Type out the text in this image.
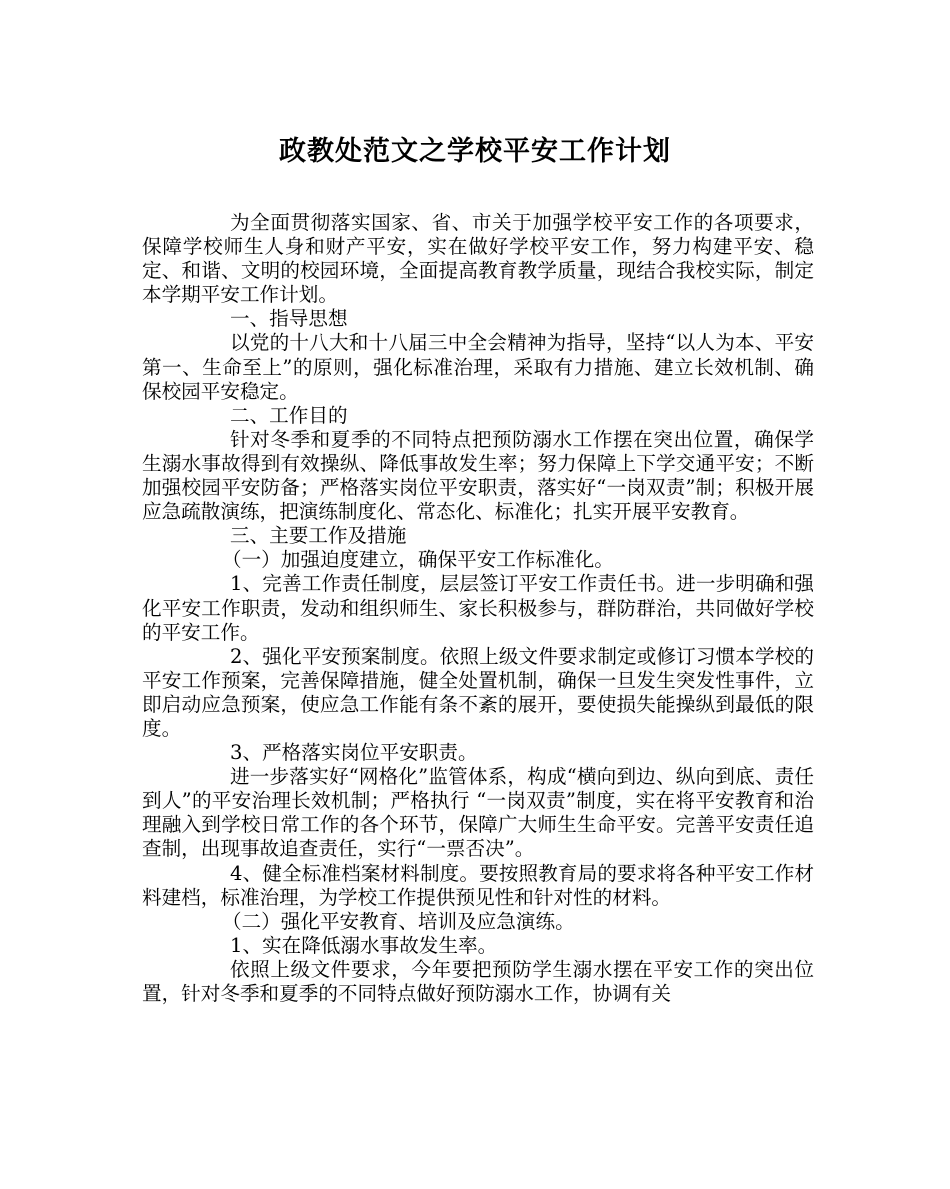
政教处范文之学校平安工作计划

为全面贯彻落实国家、省、市关于加强学校平安工作的各项要求，保障学校师生人身和财产平安，实在做好学校平安工作，努力构建平安、稳定、和谐、文明的校园环境，全面提高教育教学质量，现结合我校实际，制定本学期平安工作计划。

一、指导思想

以党的十八大和十八届三中全会精神为指导，坚持“以人为本、平安第一、生命至上”的原则，强化标准治理，采取有力措施、建立长效机制、确保校园平安稳定。

二、工作目的

针对冬季和夏季的不同特点把预防溺水工作摆在突出位置，确保学生溺水事故得到有效操纵、降低事故发生率；努力保障上下学交通平安；不断加强校园平安防备；严格落实岗位平安职责，落实好“一岗双责”制；积极开展应急疏散演练，把演练制度化、常态化、标准化；扎实开展平安教育。

三、主要工作及措施

（一）加强迫度建立，确保平安工作标准化。

1、完善工作责任制度，层层签订平安工作责任书。进一步明确和强化平安工作职责，发动和组织师生、家长积极参与，群防群治，共同做好学校的平安工作。

2、强化平安预案制度。依照上级文件要求制定或修订习惯本学校的平安工作预案，完善保障措施，健全处置机制，确保一旦发生突发性事件，立即启动应急预案，使应急工作能有条不紊的展开，要使损失能操纵到最低的限度。

3、严格落实岗位平安职责。

进一步落实好“网格化”监管体系，构成“横向到边、纵向到底、责任到人”的平安治理长效机制；严格执行 “一岗双责”制度，实在将平安教育和治理融入到学校日常工作的各个环节，保障广大师生生命平安。完善平安责任追查制，出现事故追查责任，实行“一票否决”。

4、健全标准档案材料制度。要按照教育局的要求将各种平安工作材料建档，标准治理，为学校工作提供预见性和针对性的材料。

（二）强化平安教育、培训及应急演练。

1、实在降低溺水事故发生率。

依照上级文件要求，今年要把预防学生溺水摆在平安工作的突出位置，针对冬季和夏季的不同特点做好预防溺水工作，协调有关
